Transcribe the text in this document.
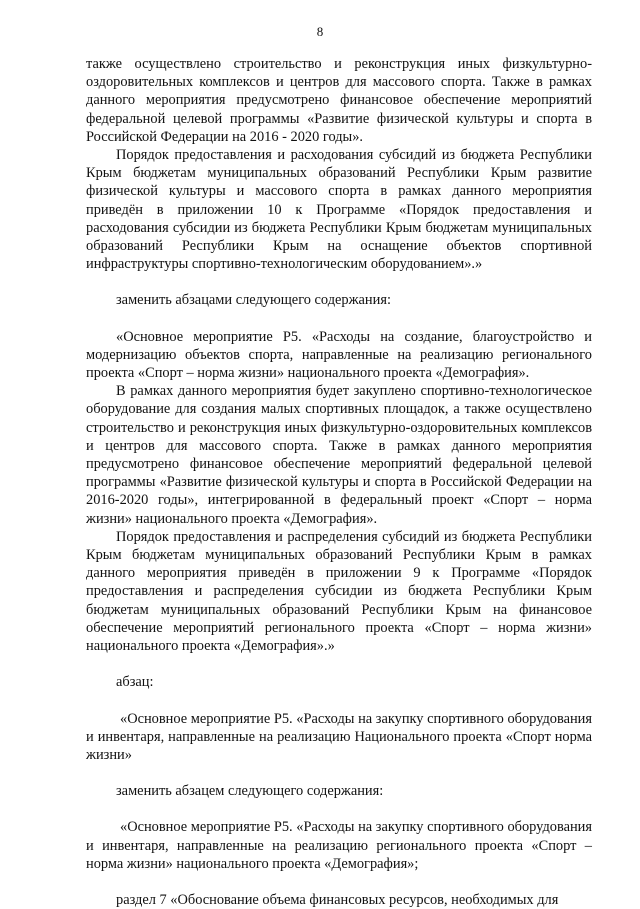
8

также осуществлено строительство и реконструкция иных физкультурно-оздоровительных комплексов и центров для массового спорта. Также в рамках данного мероприятия предусмотрено финансовое обеспечение мероприятий федеральной целевой программы «Развитие физической культуры и спорта в Российской Федерации на 2016 - 2020 годы».

Порядок предоставления и расходования субсидий из бюджета Республики Крым бюджетам муниципальных образований Республики Крым развитие физической культуры и массового спорта в рамках данного мероприятия приведён в приложении 10 к Программе «Порядок предоставления и расходования субсидии из бюджета Республики Крым бюджетам муниципальных образований Республики Крым на оснащение объектов спортивной инфраструктуры спортивно-технологическим оборудованием».»

заменить абзацами следующего содержания:

«Основное мероприятие Р5. «Расходы на создание, благоустройство и модернизацию объектов спорта, направленные на реализацию регионального проекта «Спорт – норма жизни» национального проекта «Демография».

В рамках данного мероприятия будет закуплено спортивно-технологическое оборудование для создания малых спортивных площадок, а также осуществлено строительство и реконструкция иных физкультурно-оздоровительных комплексов и центров для массового спорта. Также в рамках данного мероприятия предусмотрено финансовое обеспечение мероприятий федеральной целевой программы «Развитие физической культуры и спорта в Российской Федерации на 2016-2020 годы», интегрированной в федеральный проект «Спорт – норма жизни» национального проекта «Демография».

Порядок предоставления и распределения субсидий из бюджета Республики Крым бюджетам муниципальных образований Республики Крым в рамках данного мероприятия приведён в приложении 9 к Программе «Порядок предоставления и распределения субсидии из бюджета Республики Крым бюджетам муниципальных образований Республики Крым на финансовое обеспечение мероприятий регионального проекта «Спорт – норма жизни» национального проекта «Демография».»

абзац:

«Основное мероприятие Р5. «Расходы на закупку спортивного оборудования и инвентаря, направленные на реализацию Национального проекта «Спорт норма жизни»

заменить абзацем следующего содержания:

«Основное мероприятие Р5. «Расходы на закупку спортивного оборудования и инвентаря, направленные на реализацию регионального проекта «Спорт – норма жизни» национального проекта «Демография»;

раздел 7 «Обоснование объема финансовых ресурсов, необходимых для
